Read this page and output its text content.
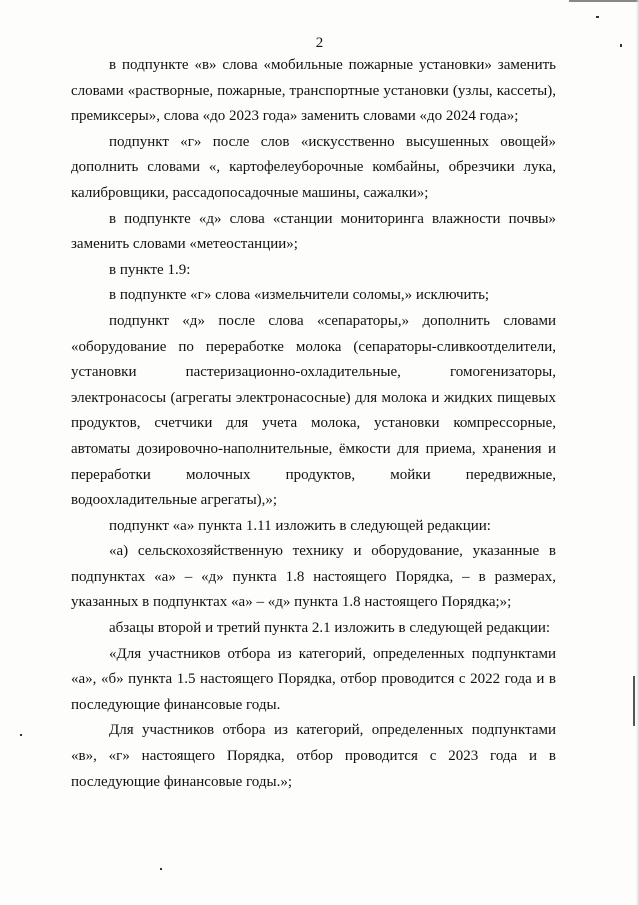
2

в подпункте «в» слова «мобильные пожарные установки» заменить словами «растворные, пожарные, транспортные установки (узлы, кассеты), премиксеры», слова «до 2023 года» заменить словами «до 2024 года»;

подпункт «г» после слов «искусственно высушенных овощей» дополнить словами «, картофелеуборочные комбайны, обрезчики лука, калибровщики, рассадопосадочные машины, сажалки»;

в подпункте «д» слова «станции мониторинга влажности почвы» заменить словами «метеостанции»;

в пункте 1.9:

в подпункте «г» слова «измельчители соломы,» исключить;

подпункт «д» после слова «сепараторы,» дополнить словами «оборудование по переработке молока (сепараторы-сливкоотделители, установки пастеризационно-охладительные, гомогенизаторы, электронасосы (агрегаты электронасосные) для молока и жидких пищевых продуктов, счетчики для учета молока, установки компрессорные, автоматы дозировочно-наполнительные, ёмкости для приема, хранения и переработки молочных продуктов, мойки передвижные, водоохладительные агрегаты),»;

подпункт «а» пункта 1.11 изложить в следующей редакции:

«а) сельскохозяйственную технику и оборудование, указанные в подпунктах «а» – «д» пункта 1.8 настоящего Порядка, – в размерах, указанных в подпунктах «а» – «д» пункта 1.8 настоящего Порядка;»;

абзацы второй и третий пункта 2.1 изложить в следующей редакции:

«Для участников отбора из категорий, определенных подпунктами «а», «б» пункта 1.5 настоящего Порядка, отбор проводится с 2022 года и в последующие финансовые годы.

Для участников отбора из категорий, определенных подпунктами «в», «г» настоящего Порядка, отбор проводится с 2023 года и в последующие финансовые годы.»;
